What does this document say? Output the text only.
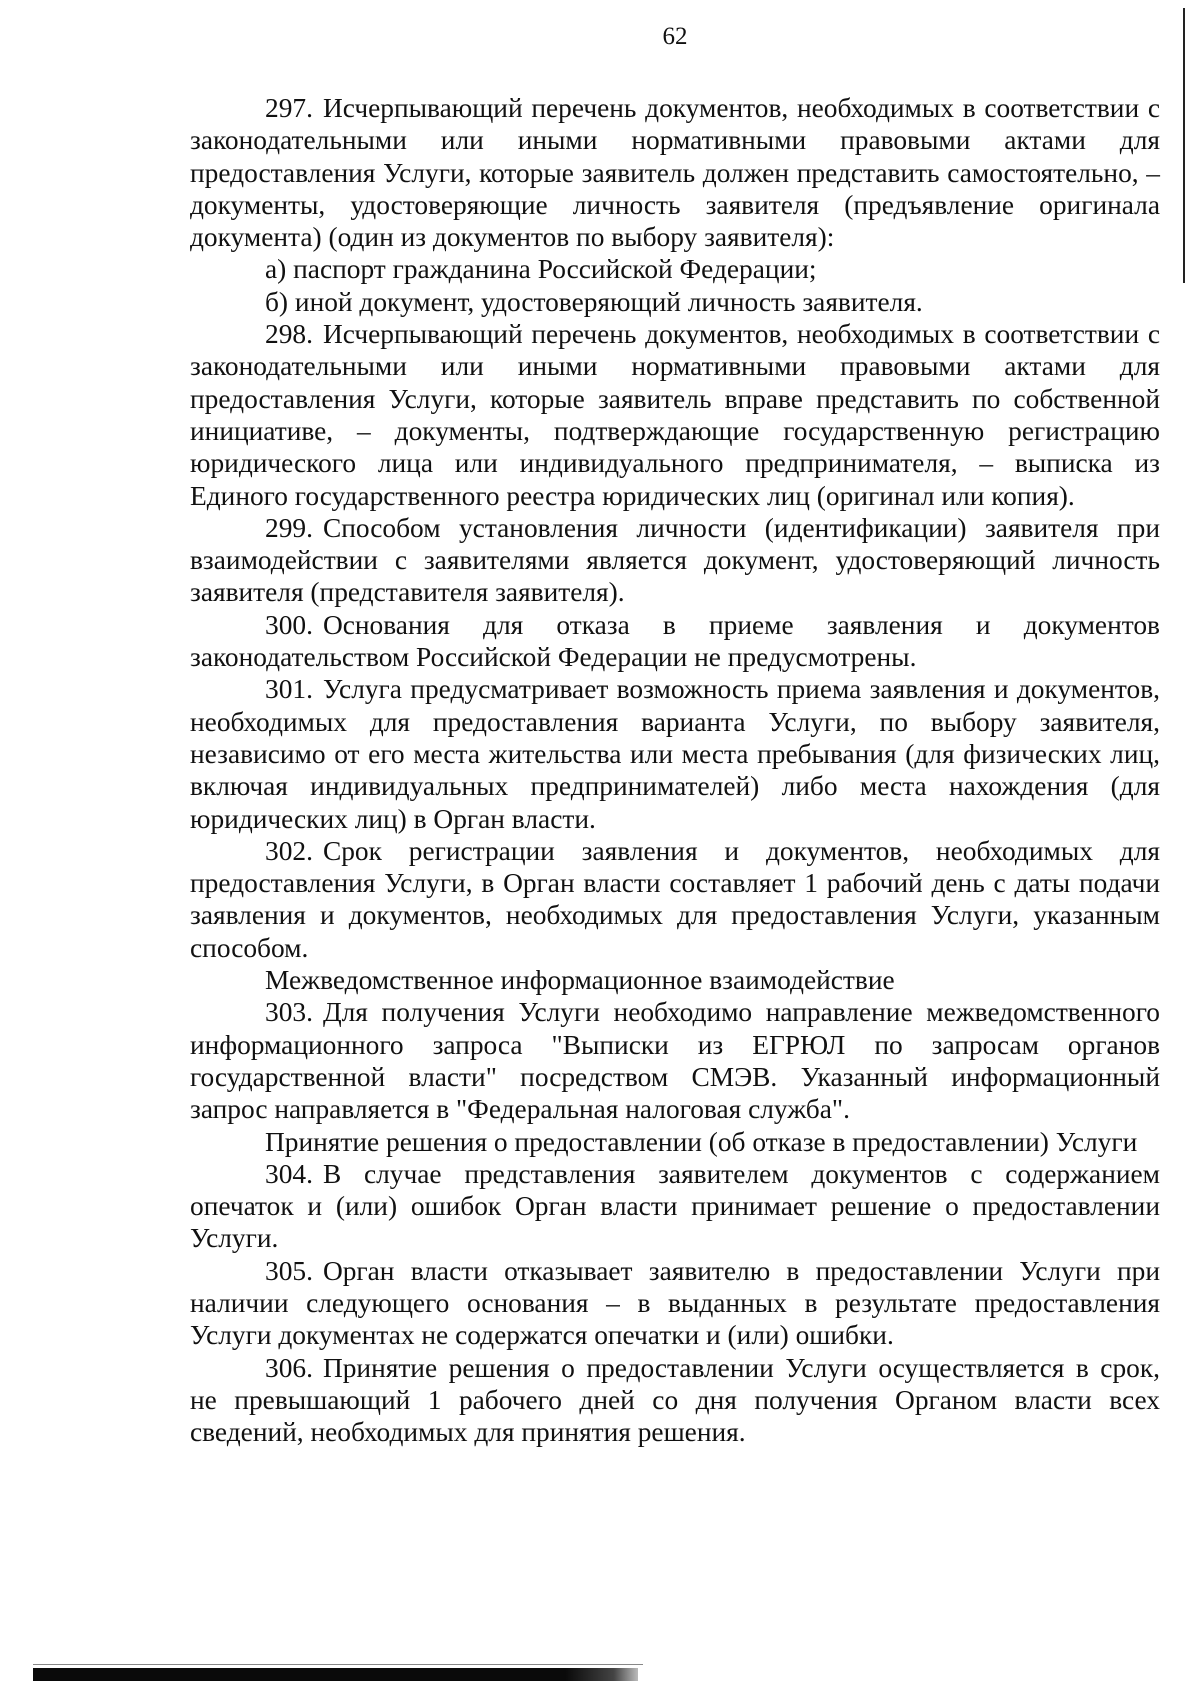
62

297. Исчерпывающий перечень документов, необходимых в соответствии с законодательными или иными нормативными правовыми актами для предоставления Услуги, которые заявитель должен представить самостоятельно, – документы, удостоверяющие личность заявителя (предъявление оригинала документа) (один из документов по выбору заявителя):

а) паспорт гражданина Российской Федерации;

б) иной документ, удостоверяющий личность заявителя.

298. Исчерпывающий перечень документов, необходимых в соответствии с законодательными или иными нормативными правовыми актами для предоставления Услуги, которые заявитель вправе представить по собственной инициативе, – документы, подтверждающие государственную регистрацию юридического лица или индивидуального предпринимателя, – выписка из Единого государственного реестра юридических лиц (оригинал или копия).

299. Способом установления личности (идентификации) заявителя при взаимодействии с заявителями является документ, удостоверяющий личность заявителя (представителя заявителя).

300. Основания для отказа в приеме заявления и документов законодательством Российской Федерации не предусмотрены.

301. Услуга предусматривает возможность приема заявления и документов, необходимых для предоставления варианта Услуги, по выбору заявителя, независимо от его места жительства или места пребывания (для физических лиц, включая индивидуальных предпринимателей) либо места нахождения (для юридических лиц) в Орган власти.

302. Срок регистрации заявления и документов, необходимых для предоставления Услуги, в Орган власти составляет 1 рабочий день с даты подачи заявления и документов, необходимых для предоставления Услуги, указанным способом.

Межведомственное информационное взаимодействие

303. Для получения Услуги необходимо направление межведомственного информационного запроса "Выписки из ЕГРЮЛ по запросам органов государственной власти" посредством СМЭВ. Указанный информационный запрос направляется в "Федеральная налоговая служба".

Принятие решения о предоставлении (об отказе в предоставлении) Услуги

304. В случае представления заявителем документов с содержанием опечаток и (или) ошибок Орган власти принимает решение о предоставлении Услуги.

305. Орган власти отказывает заявителю в предоставлении Услуги при наличии следующего основания – в выданных в результате предоставления Услуги документах не содержатся опечатки и (или) ошибки.

306. Принятие решения о предоставлении Услуги осуществляется в срок, не превышающий 1 рабочего дней со дня получения Органом власти всех сведений, необходимых для принятия решения.
